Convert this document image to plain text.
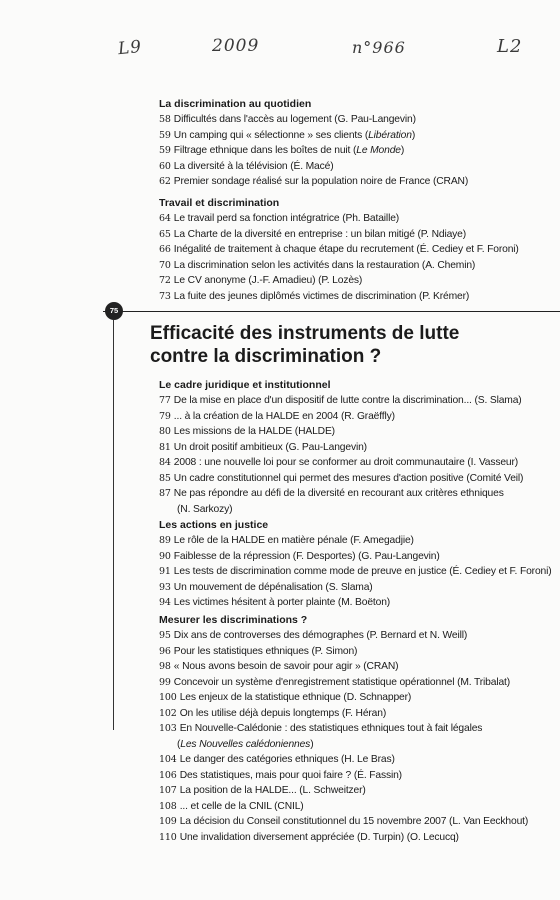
L9	2009	n°966	L2
La discrimination au quotidien
58 Difficultés dans l'accès au logement (G. Pau-Langevin)
59 Un camping qui « sélectionne » ses clients (Libération)
59 Filtrage ethnique dans les boîtes de nuit (Le Monde)
60 La diversité à la télévision (É. Macé)
62 Premier sondage réalisé sur la population noire de France (CRAN)
Travail et discrimination
64 Le travail perd sa fonction intégratrice (Ph. Bataille)
65 La Charte de la diversité en entreprise : un bilan mitigé (P. Ndiaye)
66 Inégalité de traitement à chaque étape du recrutement (É. Cediey et F. Foroni)
70 La discrimination selon les activités dans la restauration (A. Chemin)
72 Le CV anonyme (J.-F. Amadieu) (P. Lozès)
73 La fuite des jeunes diplômés victimes de discrimination (P. Krémer)
75
Efficacité des instruments de lutte
contre la discrimination ?
Le cadre juridique et institutionnel
77 De la mise en place d'un dispositif de lutte contre la discrimination... (S. Slama)
79 ... à la création de la HALDE en 2004 (R. Graëffly)
80 Les missions de la HALDE (HALDE)
81 Un droit positif ambitieux (G. Pau-Langevin)
84 2008 : une nouvelle loi pour se conformer au droit communautaire (I. Vasseur)
85 Un cadre constitutionnel qui permet des mesures d'action positive (Comité Veil)
87 Ne pas répondre au défi de la diversité en recourant aux critères ethniques
(N. Sarkozy)
Les actions en justice
89 Le rôle de la HALDE en matière pénale (F. Amegadjie)
90 Faiblesse de la répression (F. Desportes) (G. Pau-Langevin)
91 Les tests de discrimination comme mode de preuve en justice (É. Cediey et F. Foroni)
93 Un mouvement de dépénalisation (S. Slama)
94 Les victimes hésitent à porter plainte (M. Boëton)
Mesurer les discriminations ?
95 Dix ans de controverses des démographes (P. Bernard et N. Weill)
96 Pour les statistiques ethniques (P. Simon)
98 « Nous avons besoin de savoir pour agir » (CRAN)
99 Concevoir un système d'enregistrement statistique opérationnel (M. Tribalat)
100 Les enjeux de la statistique ethnique (D. Schnapper)
102 On les utilise déjà depuis longtemps (F. Héran)
103 En Nouvelle-Calédonie : des statistiques ethniques tout à fait légales
(Les Nouvelles calédoniennes)
104 Le danger des catégories ethniques (H. Le Bras)
106 Des statistiques, mais pour quoi faire ? (É. Fassin)
107 La position de la HALDE... (L. Schweitzer)
108 ... et celle de la CNIL (CNIL)
109 La décision du Conseil constitutionnel du 15 novembre 2007 (L. Van Eeckhout)
110 Une invalidation diversement appréciée (D. Turpin) (O. Lecucq)
